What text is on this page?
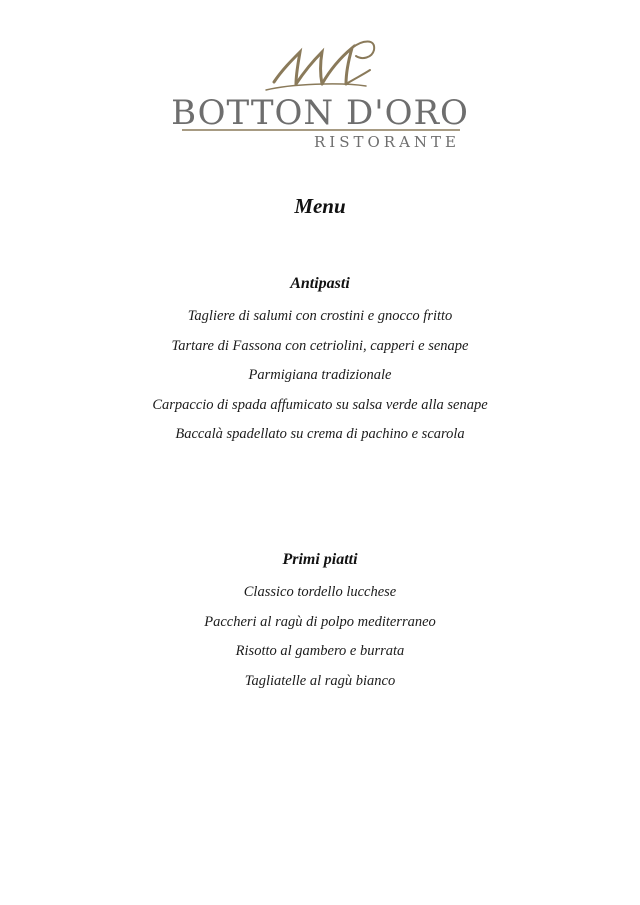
BOTTON D'ORO
RISTORANTE
Menu
Antipasti
Tagliere di salumi con crostini e gnocco fritto
Tartare di Fassona con cetriolini, capperi e senape
Parmigiana tradizionale
Carpaccio di spada affumicato su salsa verde alla senape
Baccalà spadellato su crema di pachino e scarola
Primi piatti
Classico tordello lucchese
Paccheri al ragù di polpo mediterraneo
Risotto al gambero e burrata
Tagliatelle al ragù bianco
